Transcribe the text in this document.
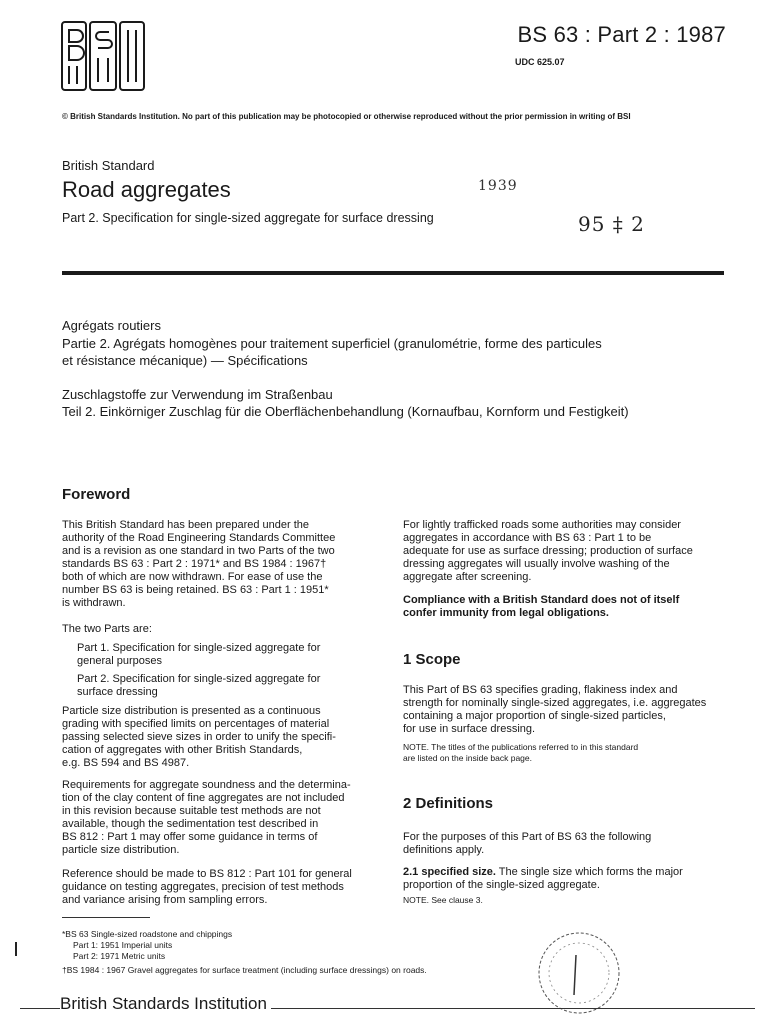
BS 63 : Part 2 : 1987
UDC 625.07
© British Standards Institution. No part of this publication may be photocopied or otherwise reproduced without the prior permission in writing of BSI
British Standard
Road aggregates
Part 2. Specification for single-sized aggregate for surface dressing
1939
95 ‡ 2
Agrégats routiers
Partie 2. Agrégats homogènes pour traitement superficiel (granulométrie, forme des particules
et résistance mécanique) — Spécifications
Zuschlagstoffe zur Verwendung im Straßenbau
Teil 2. Einkörniger Zuschlag für die Oberflächenbehandlung (Kornaufbau, Kornform und Festigkeit)
Foreword
This British Standard has been prepared under the
authority of the Road Engineering Standards Committee
and is a revision as one standard in two Parts of the two
standards BS 63 : Part 2 : 1971* and BS 1984 : 1967†
both of which are now withdrawn. For ease of use the
number BS 63 is being retained. BS 63 : Part 1 : 1951*
is withdrawn.
The two Parts are:
Part 1. Specification for single-sized aggregate for
general purposes
Part 2. Specification for single-sized aggregate for
surface dressing
Particle size distribution is presented as a continuous
grading with specified limits on percentages of material
passing selected sieve sizes in order to unify the specifi-
cation of aggregates with other British Standards,
e.g. BS 594 and BS 4987.
Requirements for aggregate soundness and the determina-
tion of the clay content of fine aggregates are not included
in this revision because suitable test methods are not
available, though the sedimentation test described in
BS 812 : Part 1 may offer some guidance in terms of
particle size distribution.
Reference should be made to BS 812 : Part 101 for general
guidance on testing aggregates, precision of test methods
and variance arising from sampling errors.
For lightly trafficked roads some authorities may consider
aggregates in accordance with BS 63 : Part 1 to be
adequate for use as surface dressing; production of surface
dressing aggregates will usually involve washing of the
aggregate after screening.
Compliance with a British Standard does not of itself
confer immunity from legal obligations.
1 Scope
This Part of BS 63 specifies grading, flakiness index and
strength for nominally single-sized aggregates, i.e. aggregates
containing a major proportion of single-sized particles,
for use in surface dressing.
NOTE. The titles of the publications referred to in this standard
are listed on the inside back page.
2 Definitions
For the purposes of this Part of BS 63 the following
definitions apply.
2.1 specified size. The single size which forms the major
proportion of the single-sized aggregate.
NOTE. See clause 3.
*BS 63 Single-sized roadstone and chippings
Part 1: 1951 Imperial units
Part 2: 1971 Metric units
†BS 1984 : 1967 Gravel aggregates for surface treatment (including surface dressings) on roads.
British Standards Institution
